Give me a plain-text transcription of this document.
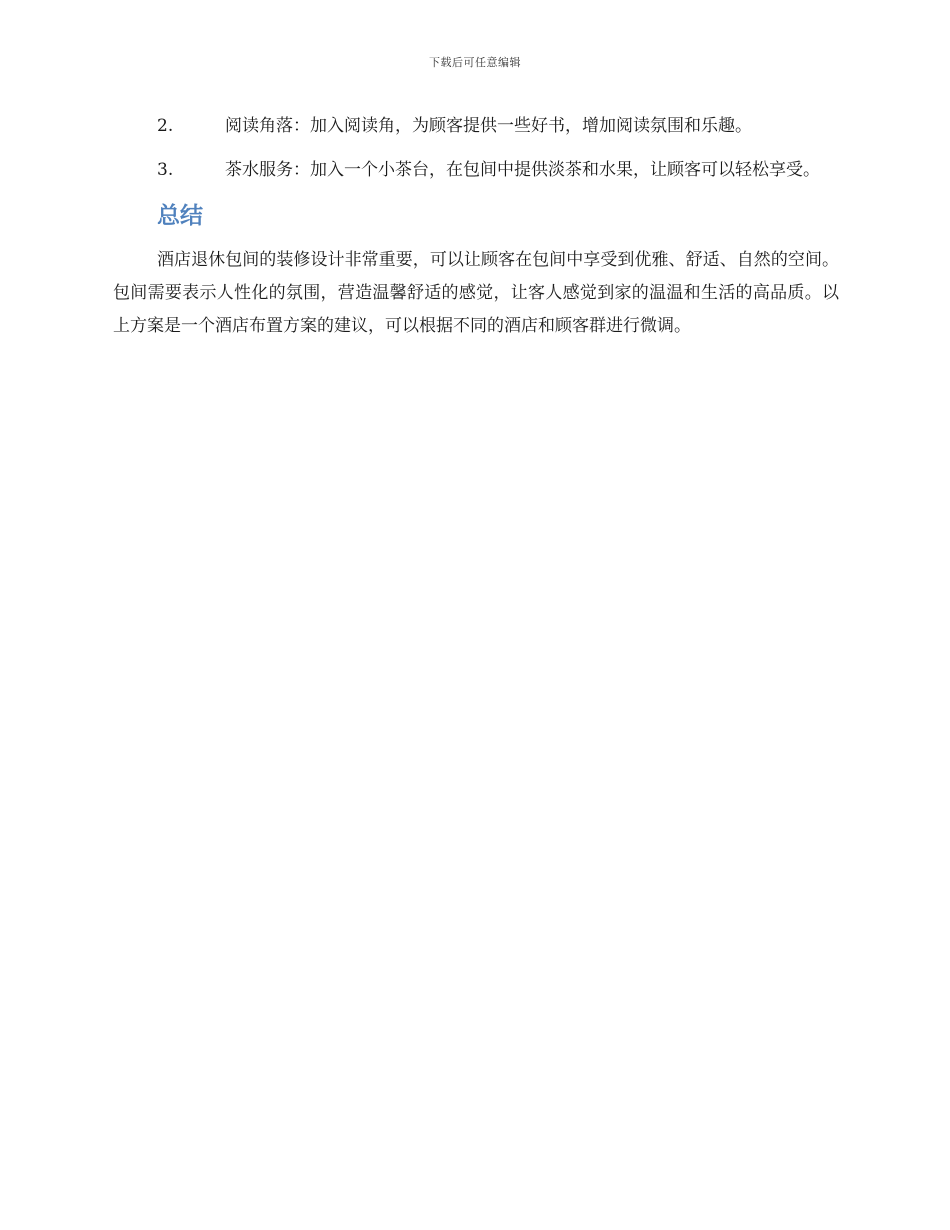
下载后可任意编辑

2.	阅读角落：加入阅读角，为顾客提供一些好书，增加阅读氛围和乐趣。

3.	茶水服务：加入一个小茶台，在包间中提供淡茶和水果，让顾客可以轻松享受。

总结

酒店退休包间的装修设计非常重要，可以让顾客在包间中享受到优雅、舒适、自然的空间。包间需要表示人性化的氛围，营造温馨舒适的感觉，让客人感觉到家的温温和生活的高品质。以上方案是一个酒店布置方案的建议，可以根据不同的酒店和顾客群进行微调。
